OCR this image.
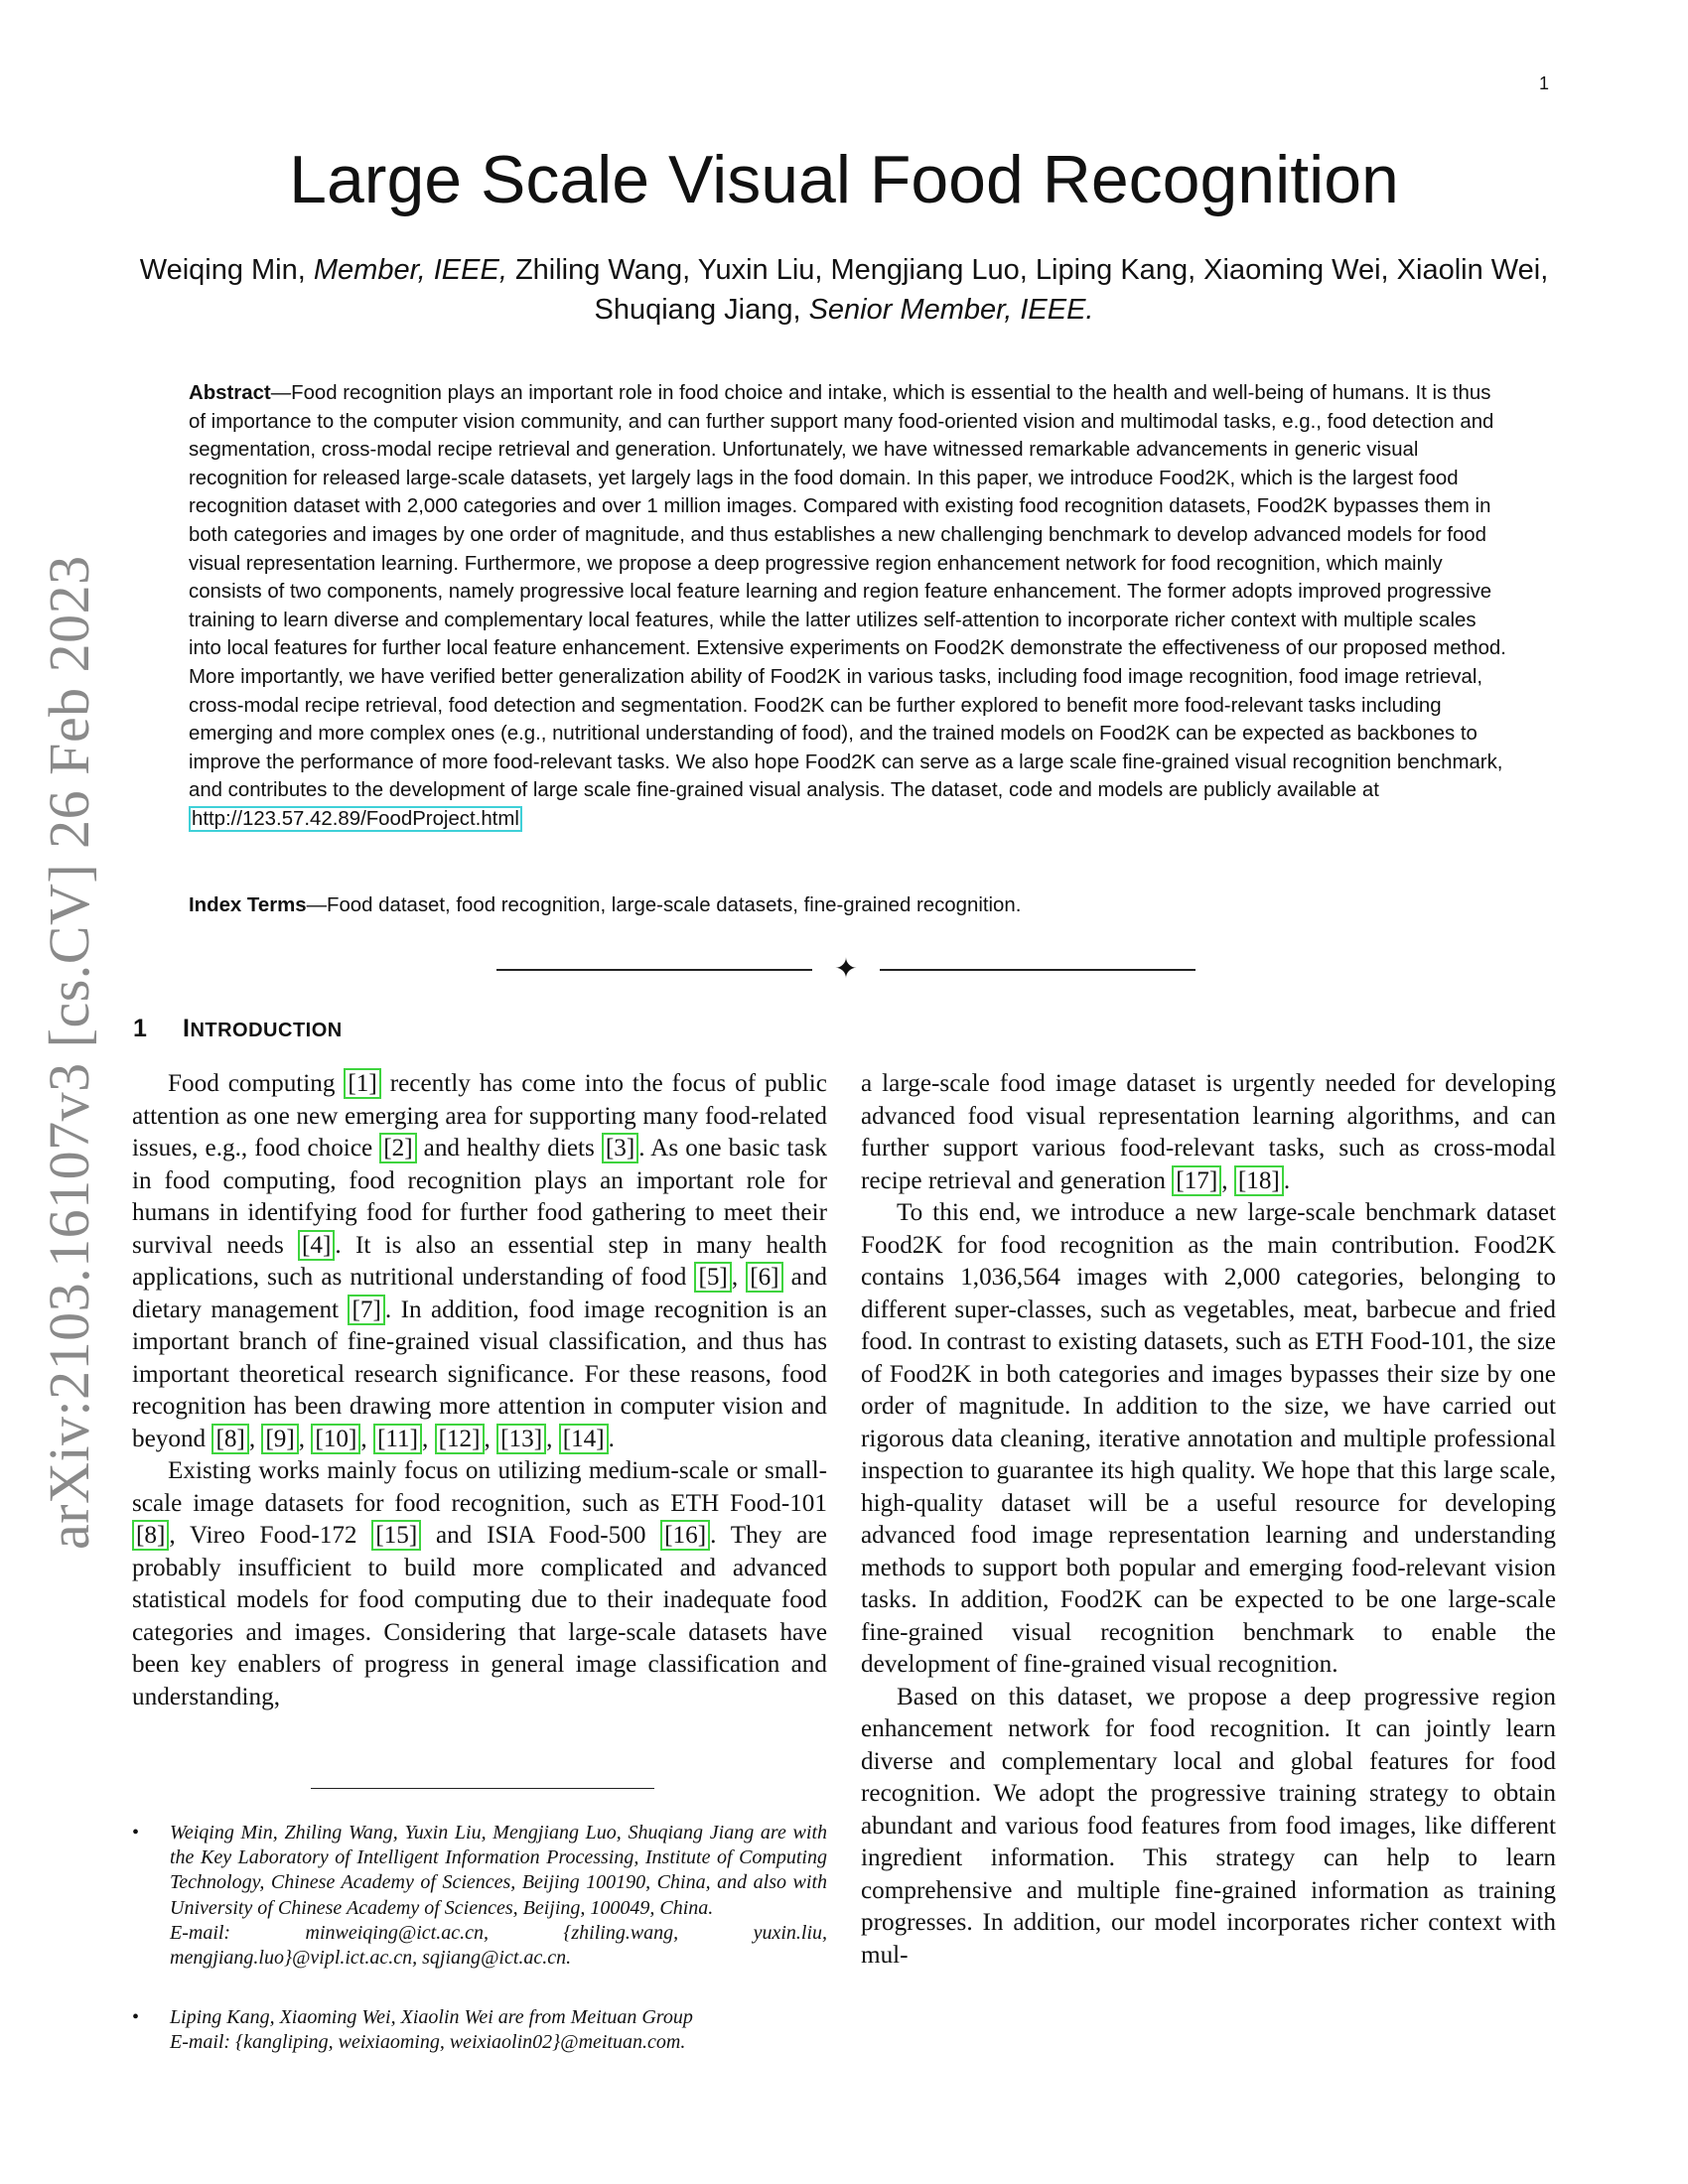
1
arXiv:2103.16107v3 [cs.CV] 26 Feb 2023
Large Scale Visual Food Recognition
Weiqing Min, Member, IEEE, Zhiling Wang, Yuxin Liu, Mengjiang Luo, Liping Kang, Xiaoming Wei, Xiaolin Wei, Shuqiang Jiang, Senior Member, IEEE.
Abstract—Food recognition plays an important role in food choice and intake, which is essential to the health and well-being of humans. It is thus of importance to the computer vision community, and can further support many food-oriented vision and multimodal tasks, e.g., food detection and segmentation, cross-modal recipe retrieval and generation. Unfortunately, we have witnessed remarkable advancements in generic visual recognition for released large-scale datasets, yet largely lags in the food domain. In this paper, we introduce Food2K, which is the largest food recognition dataset with 2,000 categories and over 1 million images. Compared with existing food recognition datasets, Food2K bypasses them in both categories and images by one order of magnitude, and thus establishes a new challenging benchmark to develop advanced models for food visual representation learning. Furthermore, we propose a deep progressive region enhancement network for food recognition, which mainly consists of two components, namely progressive local feature learning and region feature enhancement. The former adopts improved progressive training to learn diverse and complementary local features, while the latter utilizes self-attention to incorporate richer context with multiple scales into local features for further local feature enhancement. Extensive experiments on Food2K demonstrate the effectiveness of our proposed method. More importantly, we have verified better generalization ability of Food2K in various tasks, including food image recognition, food image retrieval, cross-modal recipe retrieval, food detection and segmentation. Food2K can be further explored to benefit more food-relevant tasks including emerging and more complex ones (e.g., nutritional understanding of food), and the trained models on Food2K can be expected as backbones to improve the performance of more food-relevant tasks. We also hope Food2K can serve as a large scale fine-grained visual recognition benchmark, and contributes to the development of large scale fine-grained visual analysis. The dataset, code and models are publicly available at http://123.57.42.89/FoodProject.html
Index Terms—Food dataset, food recognition, large-scale datasets, fine-grained recognition.
✦
1 INTRODUCTION

Food computing [1] recently has come into the focus of public attention as one new emerging area for supporting many food-related issues, e.g., food choice [2] and healthy diets [3] . As one basic task in food computing, food recognition plays an important role for humans in identifying food for further food gathering to meet their survival needs [4] . It is also an essential step in many health applications, such as nutritional understanding of food [5] , [6] and dietary management [7] . In addition, food image recognition is an important branch of fine-grained visual classification, and thus has important theoretical research significance. For these reasons, food recognition has been drawing more attention in computer vision and beyond [8] , [9] , [10] , [11] , [12] , [13] , [14] .

Existing works mainly focus on utilizing medium-scale or small-scale image datasets for food recognition, such as ETH Food-101 [8] , Vireo Food-172 [15] and ISIA Food-500 [16] . They are probably insufficient to build more complicated and advanced statistical models for food computing due to their inadequate food categories and images. Considering that large-scale datasets have been key enablers of progress in general image classification and understanding,

a large-scale food image dataset is urgently needed for developing advanced food visual representation learning algorithms, and can further support various food-relevant tasks, such as cross-modal recipe retrieval and generation [17] , [18] .

To this end, we introduce a new large-scale benchmark dataset Food2K for food recognition as the main contribution. Food2K contains 1,036,564 images with 2,000 categories, belonging to different super-classes, such as vegetables, meat, barbecue and fried food. In contrast to existing datasets, such as ETH Food-101, the size of Food2K in both categories and images bypasses their size by one order of magnitude. In addition to the size, we have carried out rigorous data cleaning, iterative annotation and multiple professional inspection to guarantee its high quality. We hope that this large scale, high-quality dataset will be a useful resource for developing advanced food image representation learning and understanding methods to support both popular and emerging food-relevant vision tasks. In addition, Food2K can be expected to be one large-scale fine-grained visual recognition benchmark to enable the development of fine-grained visual recognition.

Based on this dataset, we propose a deep progressive region enhancement network for food recognition. It can jointly learn diverse and complementary local and global features for food recognition. We adopt the progressive training strategy to obtain abundant and various food features from food images, like different ingredient information. This strategy can help to learn comprehensive and multiple fine-grained information as training progresses. In addition, our model incorporates richer context with mul-

• Weiqing Min, Zhiling Wang, Yuxin Liu, Mengjiang Luo, Shuqiang Jiang are with the Key Laboratory of Intelligent Information Processing, Institute of Computing Technology, Chinese Academy of Sciences, Beijing 100190, China, and also with University of Chinese Academy of Sciences, Beijing, 100049, China.
E-mail: minweiqing@ict.ac.cn, {zhiling.wang, yuxin.liu, mengjiang.luo}@vipl.ict.ac.cn, sqjiang@ict.ac.cn.
• Liping Kang, Xiaoming Wei, Xiaolin Wei are from Meituan Group
E-mail: {kangliping, weixiaoming, weixiaolin02}@meituan.com.
